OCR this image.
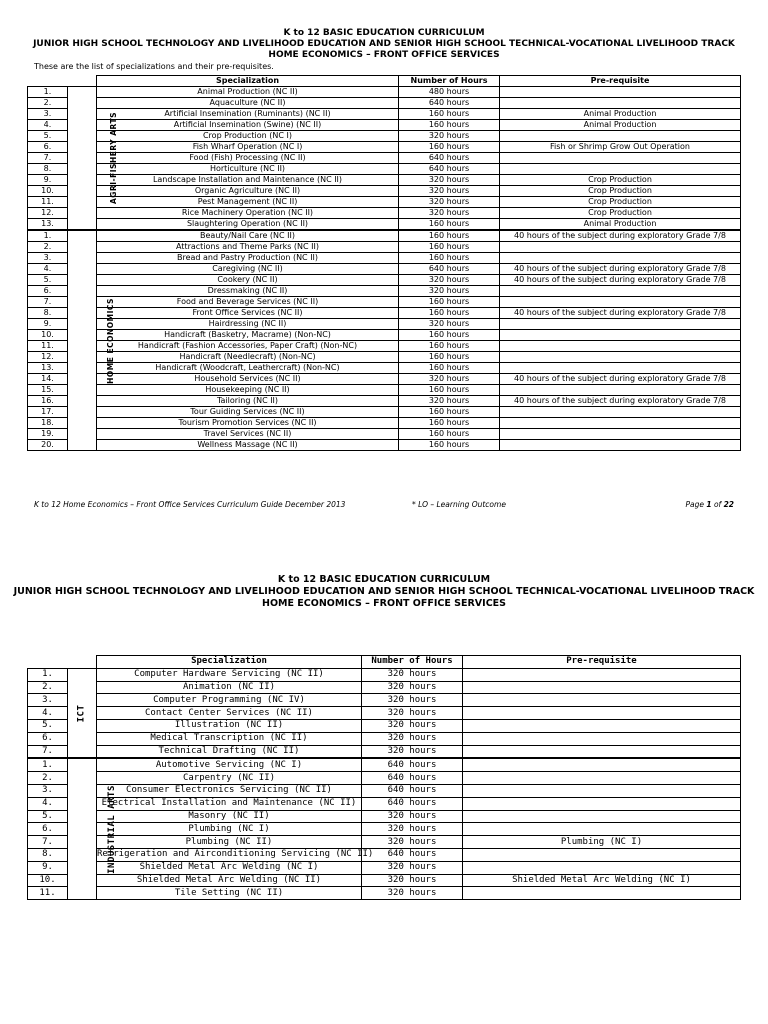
K to 12 BASIC EDUCATION CURRICULUM
JUNIOR HIGH SCHOOL TECHNOLOGY AND LIVELIHOOD EDUCATION AND SENIOR HIGH SCHOOL TECHNICAL-VOCATIONAL LIVELIHOOD TRACK
HOME ECONOMICS – FRONT OFFICE SERVICES
These are the list of specializations and their pre-requisites.
		Specialization	Number of Hours	Pre-requisite
1.	AGRI-FISHERY ARTS	Animal Production (NC II)	480 hours	
2.		Aquaculture (NC II)	640 hours	
3.		Artificial Insemination (Ruminants) (NC II)	160 hours	Animal Production
4.		Artificial Insemination (Swine) (NC II)	160 hours	Animal Production
5.		Crop Production (NC I)	320 hours	
6.		Fish Wharf Operation (NC I)	160 hours	Fish or Shrimp Grow Out Operation
7.		Food (Fish) Processing (NC II)	640 hours	
8.		Horticulture (NC II)	640 hours	
9.		Landscape Installation and Maintenance (NC II)	320 hours	Crop Production
10.		Organic Agriculture (NC II)	320 hours	Crop Production
11.		Pest Management (NC II)	320 hours	Crop Production
12.		Rice Machinery Operation (NC II)	320 hours	Crop Production
13.		Slaughtering Operation (NC II)	160 hours	Animal Production
1.	HOME ECONOMICS	Beauty/Nail Care (NC II)	160 hours	40 hours of the subject during exploratory Grade 7/8
2.		Attractions and Theme Parks (NC II)	160 hours	
3.		Bread and Pastry Production (NC II)	160 hours	
4.		Caregiving (NC II)	640 hours	40 hours of the subject during exploratory Grade 7/8
5.		Cookery (NC II)	320 hours	40 hours of the subject during exploratory Grade 7/8
6.		Dressmaking (NC II)	320 hours	
7.		Food and Beverage Services (NC II)	160 hours	
8.		Front Office Services (NC II)	160 hours	40 hours of the subject during exploratory Grade 7/8
9.		Hairdressing (NC II)	320 hours	
10.		Handicraft (Basketry, Macrame) (Non-NC)	160 hours	
11.		Handicraft (Fashion Accessories, Paper Craft) (Non-NC)	160 hours	
12.		Handicraft (Needlecraft) (Non-NC)	160 hours	
13.		Handicraft (Woodcraft, Leathercraft) (Non-NC)	160 hours	
14.		Household Services (NC II)	320 hours	40 hours of the subject during exploratory Grade 7/8
15.		Housekeeping (NC II)	160 hours	
16.		Tailoring (NC II)	320 hours	40 hours of the subject during exploratory Grade 7/8
17.		Tour Guiding Services (NC II)	160 hours	
18.		Tourism Promotion Services (NC II)	160 hours	
19.		Travel Services (NC II)	160 hours	
20.		Wellness Massage (NC II)	160 hours	
K to 12 Home Economics – Front Office Services Curriculum Guide December 2013	* LO – Learning Outcome	Page 1 of 22
K to 12 BASIC EDUCATION CURRICULUM
JUNIOR HIGH SCHOOL TECHNOLOGY AND LIVELIHOOD EDUCATION AND SENIOR HIGH SCHOOL TECHNICAL-VOCATIONAL LIVELIHOOD TRACK
HOME ECONOMICS – FRONT OFFICE SERVICES
		Specialization	Number of Hours	Pre-requisite
1.	ICT	Computer Hardware Servicing (NC II)	320 hours	
2.		Animation (NC II)	320 hours	
3.		Computer Programming (NC IV)	320 hours	
4.		Contact Center Services (NC II)	320 hours	
5.		Illustration (NC II)	320 hours	
6.		Medical Transcription (NC II)	320 hours	
7.		Technical Drafting (NC II)	320 hours	
1.	INDUSTRIAL ARTS	Automotive Servicing (NC I)	640 hours	
2.		Carpentry (NC II)	640 hours	
3.		Consumer Electronics Servicing (NC II)	640 hours	
4.		Electrical Installation and Maintenance (NC II)	640 hours	
5.		Masonry (NC II)	320 hours	
6.		Plumbing (NC I)	320 hours	
7.		Plumbing (NC II)	320 hours	Plumbing (NC I)
8.		Refrigeration and Airconditioning Servicing (NC II)	640 hours	
9.		Shielded Metal Arc Welding (NC I)	320 hours	
10.		Shielded Metal Arc Welding (NC II)	320 hours	Shielded Metal Arc Welding (NC I)
11.		Tile Setting (NC II)	320 hours	
